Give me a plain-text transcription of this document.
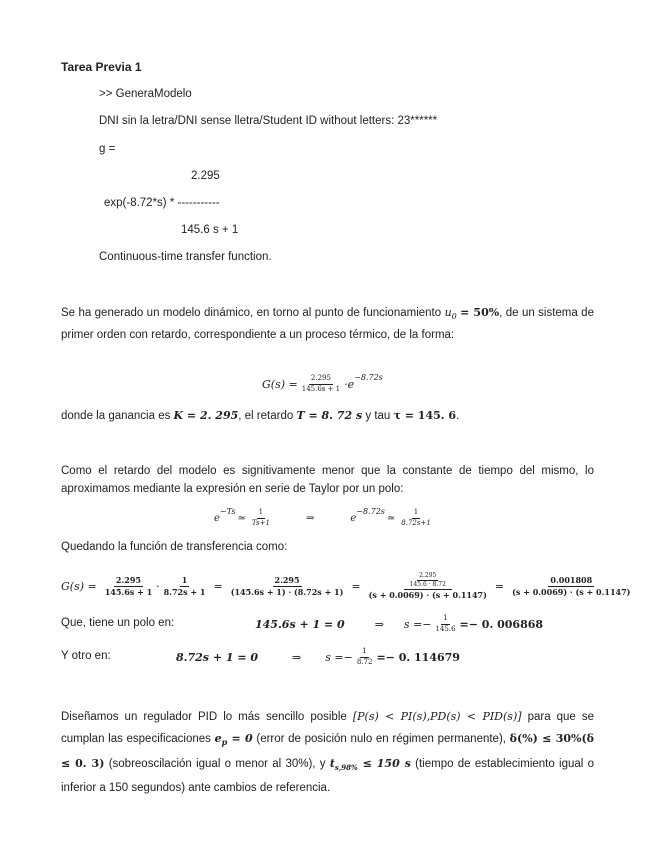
Tarea Previa 1
>> GeneraModelo
DNI sin la letra/DNI sense lletra/Student ID without letters: 23******
g =
2.295
exp(-8.72*s) * -----------
145.6 s + 1
Continuous-time transfer function.
Se ha generado un modelo dinámico, en torno al punto de funcionamiento $u_0 = 50\%$, de un sistema de primer orden con retardo, correspondiente a un proceso térmico, de la forma:
$G(s) = \frac{2.295}{145.6s + 1} \cdot e$
$^{-8.72s}$
donde la ganancia es K = 2. 295, el retardo T = 8. 72 s y tau τ = 145. 6.
Como el retardo del modelo es signitivamente menor que la constante de tiempo del mismo, lo aproximamos mediante la expresión en serie de Taylor por un polo:
e
$^{-Ts}$
≃ $\frac{1}{Ts+1}$	⇒	e
$^{-8.72s}$
≃ $\frac{1}{8.72s+1}$
Quedando la función de transferencia como:
$G(s) = \frac{2.295}{145.6s + 1} \cdot \frac{1}{8.72s + 1} = \frac{2.295}{(145.6s + 1) \cdot (8.72s + 1)} = \frac{\frac{2.295}{145.6 \cdot 8.72}}{(s + 0.0069) \cdot (s + 0.1147)} = \frac{0.001808}{(s + 0.0069) \cdot (s + 0.1147)}$
Que, tiene un polo en:	145.6s + 1 = 0	⇒ $s =- \frac{1}{145.6} =- 0$. 006868
Y otro en:	8.72s + 1 = 0	⇒ $s =- \frac{1}{8.72} =- 0$. 114679
Diseñamos un regulador PID lo más sencillo posible [P(s) < PI(s),PD(s) < PID(s)] para que se cumplan las especificaciones $e_p = 0$ (error de posición nulo en régimen permanente), δ(%) ≤ 30%(δ ≤ 0. 3) (sobreoscilación igual o menor al 30%), y $t_{s,98\%} \le 150$ s (tiempo de establecimiento igual o inferior a 150 segundos) ante cambios de referencia.
